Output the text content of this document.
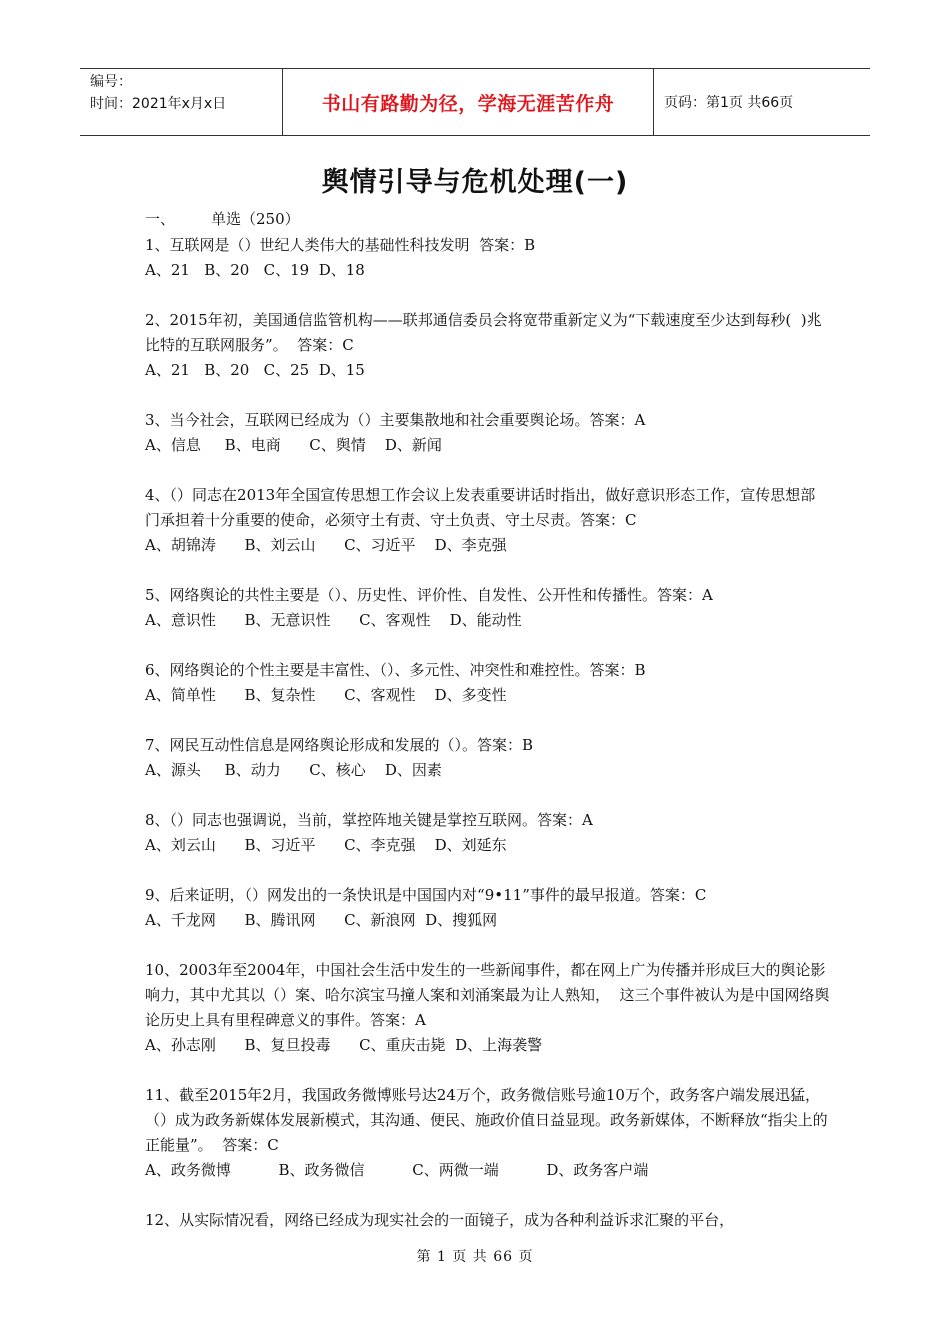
编号：
时间：2021年x月x日	书山有路勤为径，学海无涯苦作舟	页码：第1页 共66页
舆情引导与危机处理(一)
一、 单选（250）

1、互联网是（）世纪人类伟大的基础性科技发明  答案：B

A、21   B、20   C、19  D、18

2、2015年初，美国通信监管机构——联邦通信委员会将宽带重新定义为“下载速度至少达到每秒(  )兆比特的互联网服务”。  答案：C

A、21   B、20   C、25  D、15

3、当今社会，互联网已经成为（）主要集散地和社会重要舆论场。答案：A

A、信息     B、电商      C、舆情    D、新闻

4、（）同志在2013年全国宣传思想工作会议上发表重要讲话时指出，做好意识形态工作，宣传思想部门承担着十分重要的使命，必须守土有责、守土负责、守土尽责。答案：C

A、胡锦涛      B、刘云山      C、习近平    D、李克强

5、网络舆论的共性主要是（）、历史性、评价性、自发性、公开性和传播性。答案：A

A、意识性      B、无意识性      C、客观性    D、能动性

6、网络舆论的个性主要是丰富性、（）、多元性、冲突性和难控性。答案：B

A、简单性      B、复杂性      C、客观性    D、多变性

7、网民互动性信息是网络舆论形成和发展的（）。答案：B

A、源头     B、动力      C、核心    D、因素

8、（）同志也强调说，当前，掌控阵地关键是掌控互联网。答案：A

A、刘云山      B、习近平      C、李克强    D、刘延东

9、后来证明，（）网发出的一条快讯是中国国内对“9•11”事件的最早报道。答案：C

A、千龙网      B、腾讯网      C、新浪网  D、搜狐网

10、2003年至2004年，中国社会生活中发生的一些新闻事件，都在网上广为传播并形成巨大的舆论影响力，其中尤其以（）案、哈尔滨宝马撞人案和刘涌案最为让人熟知，  这三个事件被认为是中国网络舆论历史上具有里程碑意义的事件。答案：A

A、孙志刚      B、复旦投毒      C、重庆击毙  D、上海袭警

11、截至2015年2月，我国政务微博账号达24万个，政务微信账号逾10万个，政务客户端发展迅猛，（）成为政务新媒体发展新模式，其沟通、便民、施政价值日益显现。政务新媒体，不断释放“指尖上的正能量”。  答案：C

A、政务微博          B、政务微信          C、两微一端          D、政务客户端

12、从实际情况看，网络已经成为现实社会的一面镜子，成为各种利益诉求汇聚的平台，

第 1 页 共 66 页
